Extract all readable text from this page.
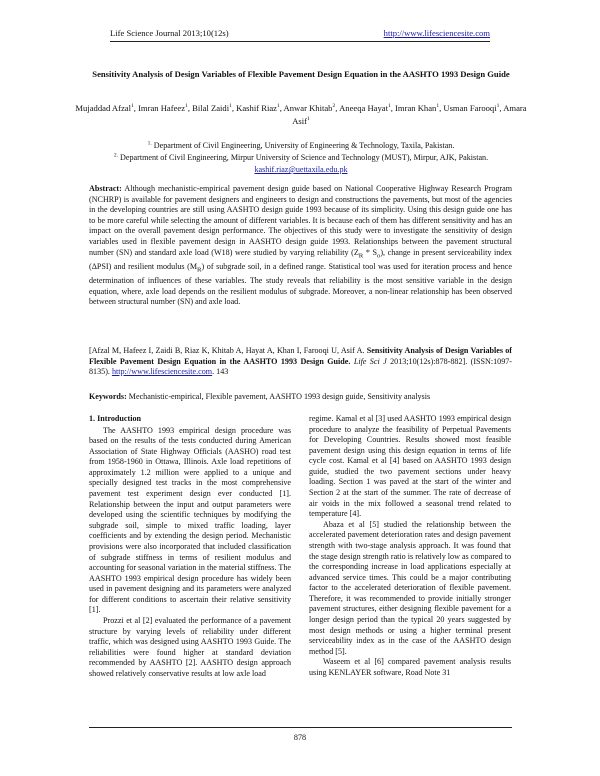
Life Science Journal 2013;10(12s)	http://www.lifesciencesite.com
Sensitivity Analysis of Design Variables of Flexible Pavement Design Equation in the AASHTO 1993 Design Guide
Mujaddad Afzal$^1$, Imran Hafeez$^1$, Bilal Zaidi$^1$, Kashif Riaz$^1$, Anwar Khitab$^2$, Aneeqa Hayat$^1$, Imran Khan$^1$, Usman Farooqi$^1$, Amara Asif$^1$
$^{1.}$ Department of Civil Engineering, University of Engineering & Technology, Taxila, Pakistan.
$^{2.}$ Department of Civil Engineering, Mirpur University of Science and Technology (MUST), Mirpur, AJK, Pakistan.
kashif.riaz@uettaxila.edu.pk
Abstract: Although mechanistic-empirical pavement design guide based on National Cooperative Highway Research Program (NCHRP) is available for pavement designers and engineers to design and constructions the pavements, but most of the agencies in the developing countries are still using AASHTO design guide 1993 because of its simplicity. Using this design guide one has to be more careful while selecting the amount of different variables. It is because each of them has different sensitivity and has an impact on the overall pavement design performance. The objectives of this study were to investigate the sensitivity of design variables used in flexible pavement design in AASHTO design guide 1993. Relationships between the pavement structural number (SN) and standard axle load (W18) were studied by varying reliability $(Z_R * S_o)$, change in present serviceability index (ΔPSI) and resilient modulus $(M_R)$ of subgrade soil, in a defined range. Statistical tool was used for iteration process and hence determination of influences of these variables. The study reveals that reliability is the most sensitive variable in the design equation, where, axle load depends on the resilient modulus of subgrade. Moreover, a non-linear relationship has been observed between structural number (SN) and axle load.
[Afzal M, Hafeez I, Zaidi B, Riaz K, Khitab A, Hayat A, Khan I, Farooqi U, Asif A. Sensitivity Analysis of Design Variables of Flexible Pavement Design Equation in the AASHTO 1993 Design Guide. Life Sci J 2013;10(12s):878-882]. (ISSN:1097-8135). http://www.lifesciencesite.com. 143
Keywords: Mechanistic-empirical, Flexible pavement, AASHTO 1993 design guide, Sensitivity analysis
1. Introduction

The AASHTO 1993 empirical design procedure was based on the results of the tests conducted during American Association of State Highway Officials (AASHO) road test from 1958-1960 in Ottawa, Illinois. Axle load repetitions of approximately 1.2 million were applied to a unique and specially designed test tracks in the most comprehensive pavement test experiment design ever conducted [1]. Relationship between the input and output parameters were developed using the scientific techniques by modifying the subgrade soil, simple to mixed traffic loading, layer coefficients and by extending the design period. Mechanistic provisions were also incorporated that included classification of subgrade stiffness in terms of resilient modulus and accounting for seasonal variation in the material stiffness. The AASHTO 1993 empirical design procedure has widely been used in pavement designing and its parameters were analyzed for different conditions to ascertain their relative sensitivity [1].

Prozzi et al [2] evaluated the performance of a pavement structure by varying levels of reliability under different traffic, which was designed using AASHTO 1993 Guide. The reliabilities were found higher at standard deviation recommended by AASHTO [2]. AASHTO design approach showed relatively conservative results at low axle load

regime. Kamal et al [3] used AASHTO 1993 empirical design procedure to analyze the feasibility of Perpetual Pavements for Developing Countries. Results showed most feasible pavement design using this design equation in terms of life cycle cost. Kamal et al [4] based on AASHTO 1993 design guide, studied the two pavement sections under heavy loading. Section 1 was paved at the start of the winter and Section 2 at the start of the summer. The rate of decrease of air voids in the mix followed a seasonal trend related to temperature [4].

Abaza et al [5] studied the relationship between the accelerated pavement deterioration rates and design pavement strength with two-stage analysis approach. It was found that the stage design strength ratio is relatively low as compared to the corresponding increase in load applications especially at advanced service times. This could be a major contributing factor to the accelerated deterioration of flexible pavement. Therefore, it was recommended to provide initially stronger pavement structures, either designing flexible pavement for a longer design period than the typical 20 years suggested by most design methods or using a higher terminal present serviceability index as in the case of the AASHTO design method [5].

Waseem et al [6] compared pavement analysis results using KENLAYER software, Road Note 31

878
